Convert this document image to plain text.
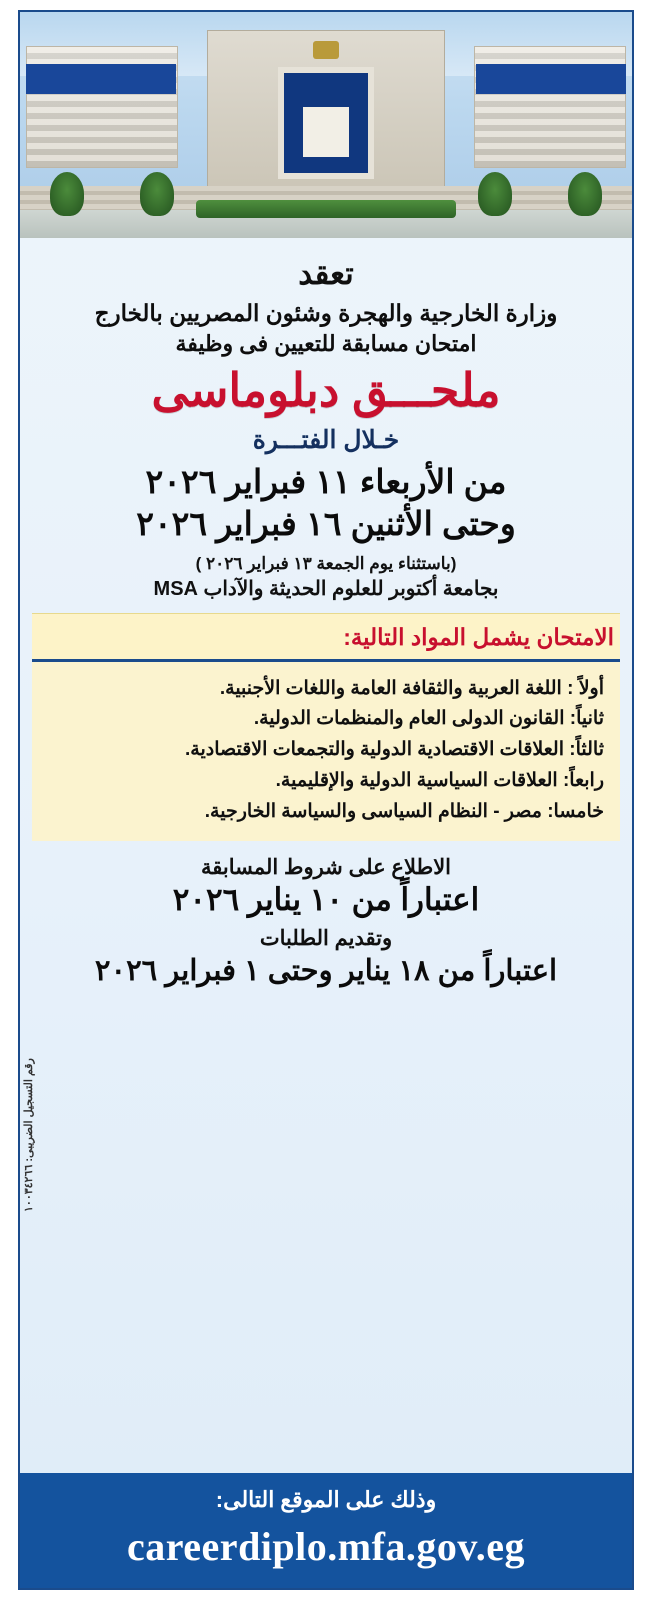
تعقد
وزارة الخارجية والهجرة وشئون المصريين بالخارج
امتحان مسابقة للتعيين فى وظيفة
ملحـــق دبلوماسى
خـلال الفتـــرة
من الأربعاء ١١ فبراير ٢٠٢٦
وحتى الأثنين ١٦ فبراير ٢٠٢٦
(باستثناء يوم الجمعة ١٣ فبراير ٢٠٢٦ )
بجامعة أكتوبر للعلوم الحديثة والآداب MSA
الامتحان يشمل المواد التالية:
أولاً : اللغة العربية والثقافة العامة واللغات الأجنبية.
ثانياً: القانون الدولى العام والمنظمات الدولية.
ثالثاً: العلاقات الاقتصادية الدولية والتجمعات الاقتصادية.
رابعاً: العلاقات السياسية الدولية والإقليمية.
خامسا: مصر - النظام السياسى والسياسة الخارجية.
الاطلاع على شروط المسابقة
اعتباراً من ١٠ يناير ٢٠٢٦
وتقديم الطلبات
اعتباراً من ١٨ يناير وحتى ١ فبراير ٢٠٢٦
رقم التسجيل الضريبى: ١٠٠٣٤٢٦٦
وذلك على الموقع التالى:
careerdiplo.mfa.gov.eg
